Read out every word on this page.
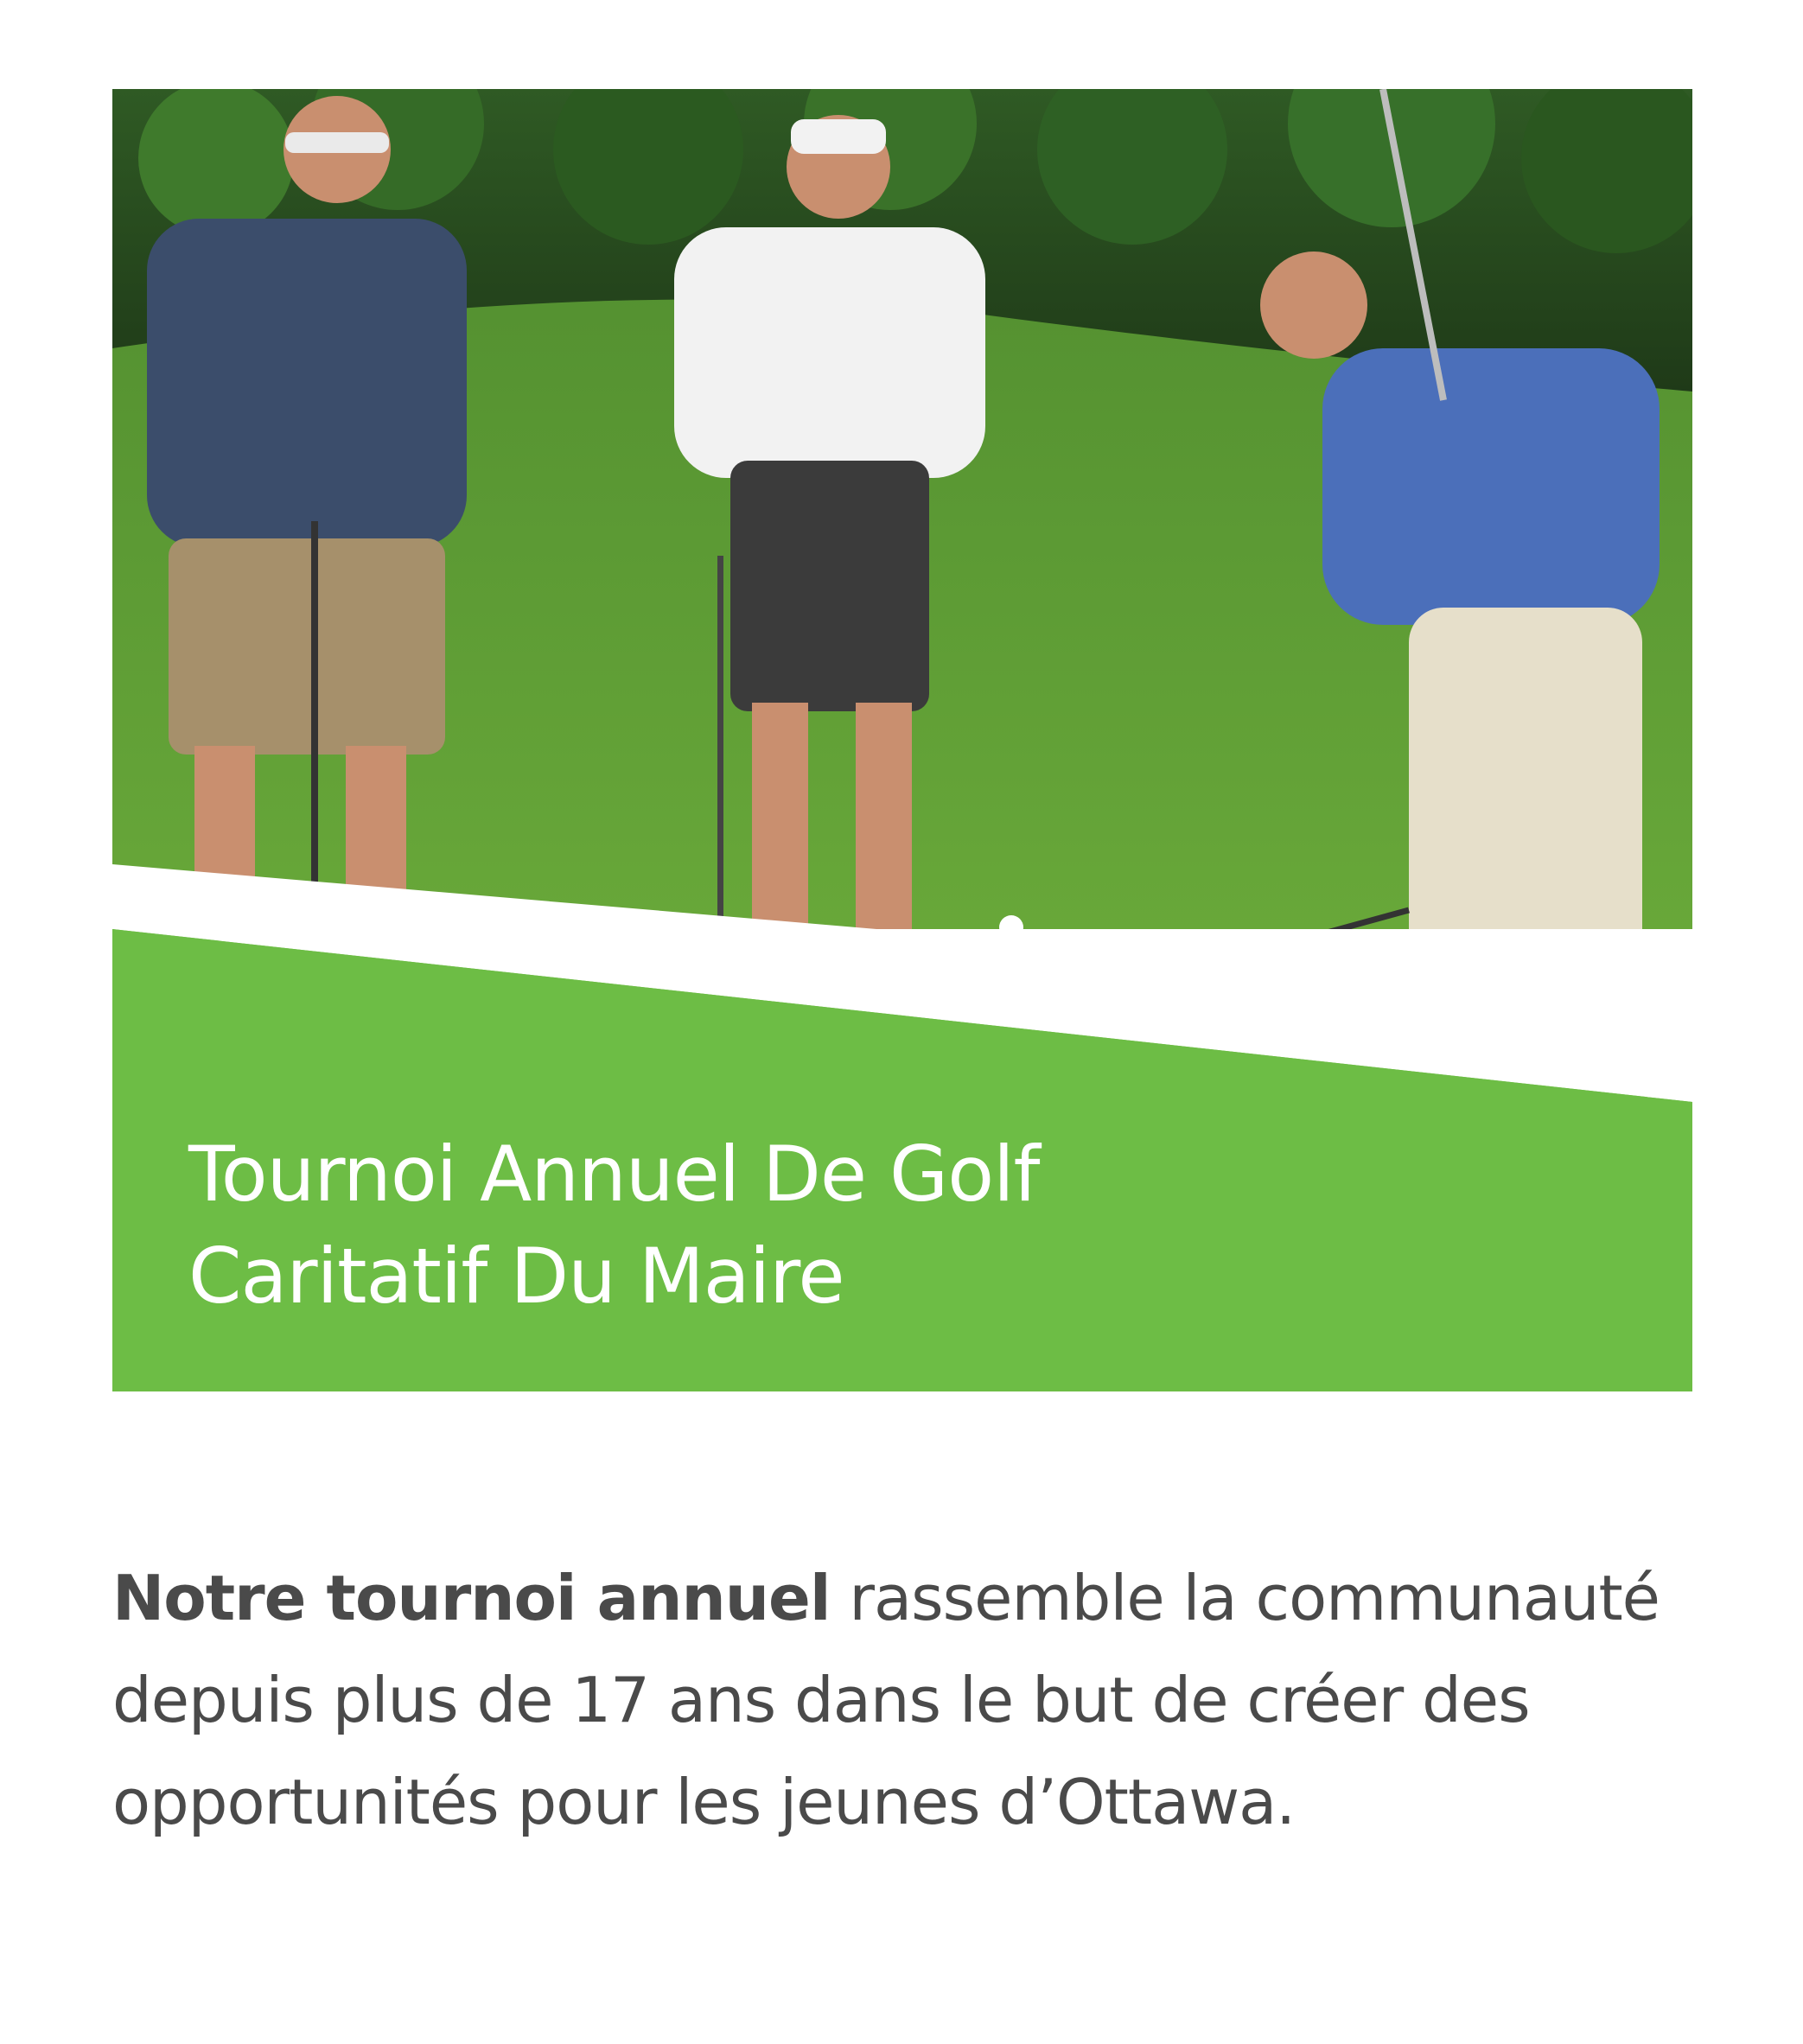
Tournoi Annuel De Golf
Caritatif Du Maire

Notre tournoi annuel rassemble la communauté depuis plus de 17 ans dans le but de créer des opportunités pour les jeunes d’Ottawa.
